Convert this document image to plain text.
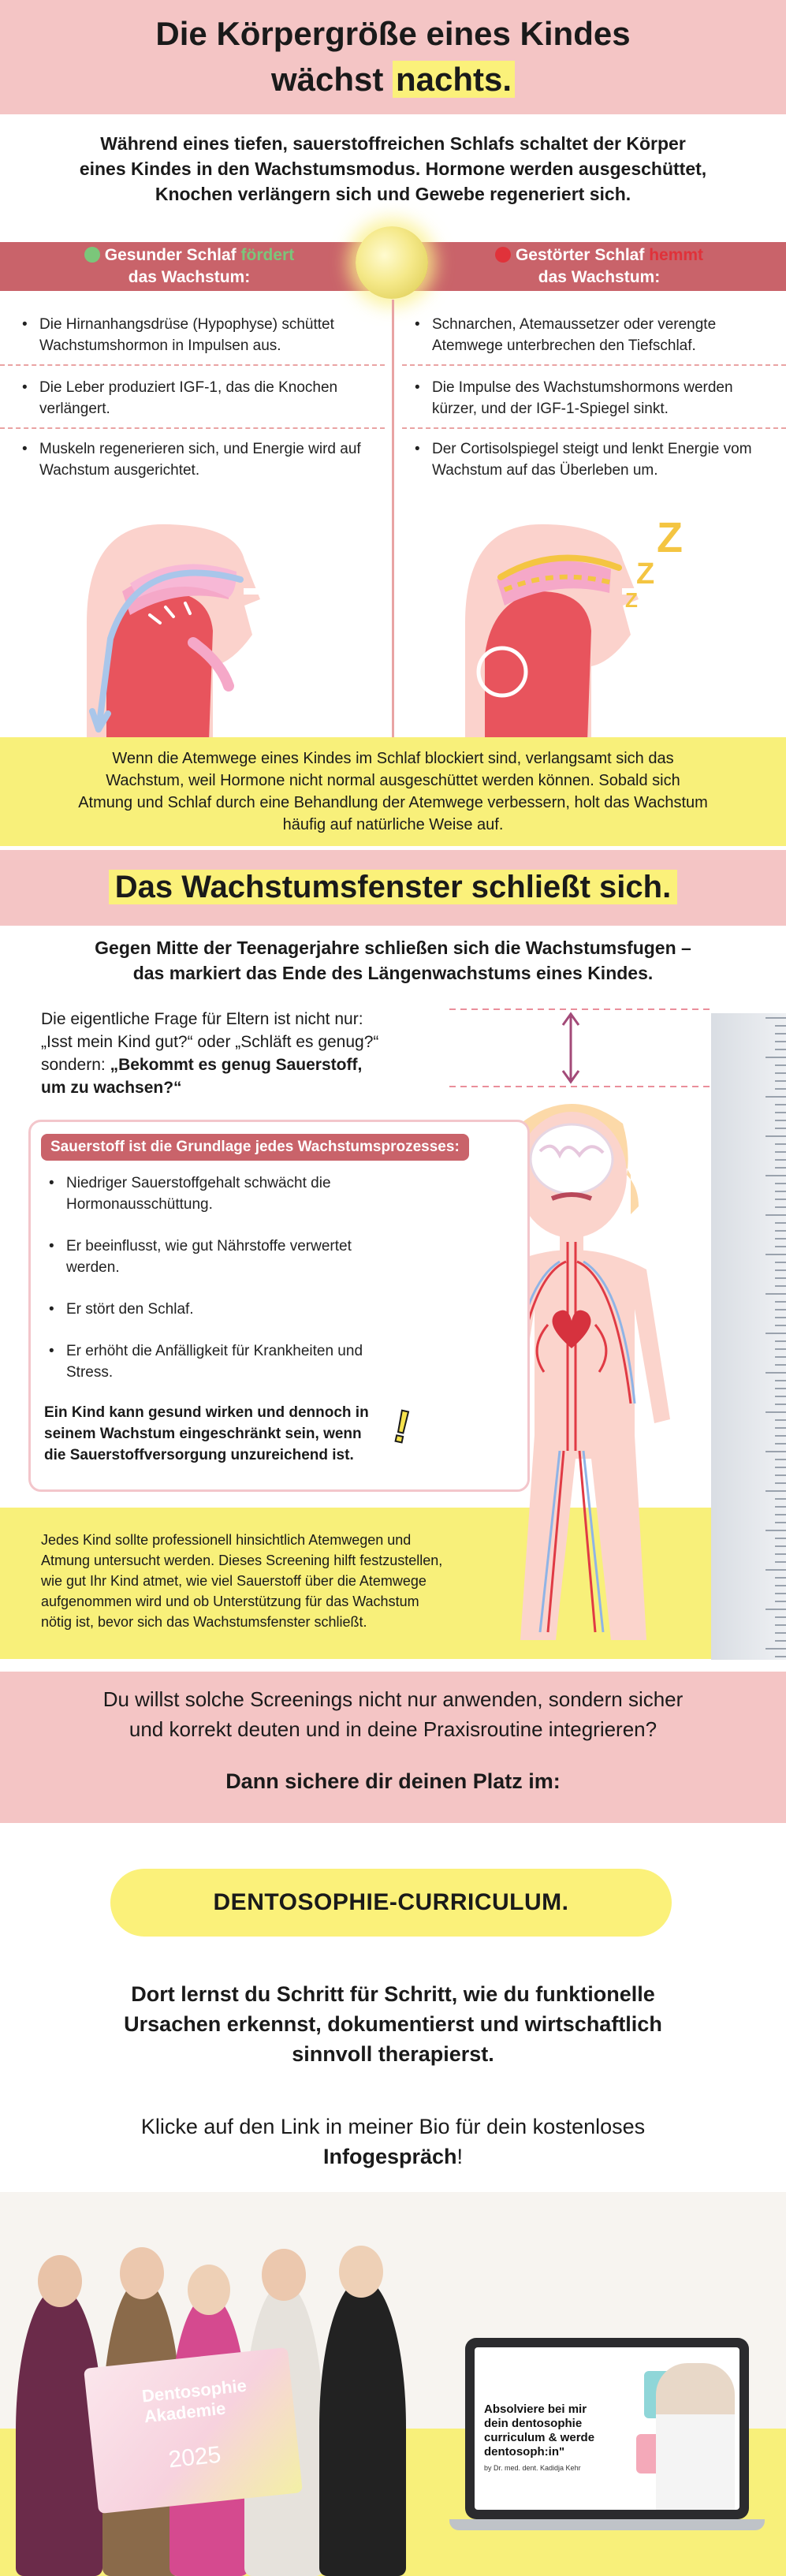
Die Körpergröße eines Kindes
wächst nachts.
Während eines tiefen, sauerstoffreichen Schlafs schaltet der Körper
eines Kindes in den Wachstumsmodus. Hormone werden ausgeschüttet,
Knochen verlängern sich und Gewebe regeneriert sich.
Gesunder Schlaf fördert
das Wachstum:
Gestörter Schlaf hemmt
das Wachstum:
• Die Hirnanhangsdrüse (Hypophyse) schüttet Wachstumshormon in Impulsen aus.
• Die Leber produziert IGF-1, das die Knochen verlängert.
• Muskeln regenerieren sich, und Energie wird auf Wachstum ausgerichtet.
• Schnarchen, Atemaussetzer oder verengte Atemwege unterbrechen den Tiefschlaf.
• Die Impulse des Wachstumshormons werden kürzer, und der IGF-1-Spiegel sinkt.
• Der Cortisolspiegel steigt und lenkt Energie vom Wachstum auf das Überleben um.
Z
Z
Z
Wenn die Atemwege eines Kindes im Schlaf blockiert sind, verlangsamt sich das
Wachstum, weil Hormone nicht normal ausgeschüttet werden können. Sobald sich
Atmung und Schlaf durch eine Behandlung der Atemwege verbessern, holt das Wachstum
häufig auf natürliche Weise auf.
Das Wachstumsfenster schließt sich.
Gegen Mitte der Teenagerjahre schließen sich die Wachstumsfugen –
das markiert das Ende des Längenwachstums eines Kindes.
Die eigentliche Frage für Eltern ist nicht nur:
„Isst mein Kind gut?“ oder „Schläft es genug?“
sondern: „Bekommt es genug Sauerstoff,
um zu wachsen?“
Sauerstoff ist die Grundlage jedes Wachstumsprozesses:
• Niedriger Sauerstoffgehalt schwächt die Hormonausschüttung.
• Er beeinflusst, wie gut Nährstoffe verwertet werden.
• Er stört den Schlaf.
• Er erhöht die Anfälligkeit für Krankheiten und Stress.
Ein Kind kann gesund wirken und dennoch in
seinem Wachstum eingeschränkt sein, wenn
die Sauerstoffversorgung unzureichend ist.
!
Jedes Kind sollte professionell hinsichtlich Atemwegen und
Atmung untersucht werden. Dieses Screening hilft festzustellen,
wie gut Ihr Kind atmet, wie viel Sauerstoff über die Atemwege
aufgenommen wird und ob Unterstützung für das Wachstum
nötig ist, bevor sich das Wachstumsfenster schließt.
Du willst solche Screenings nicht nur anwenden, sondern sicher
und korrekt deuten und in deine Praxisroutine integrieren?
Dann sichere dir deinen Platz im:
DENTOSOPHIE-CURRICULUM.
Dort lernst du Schritt für Schritt, wie du funktionelle
Ursachen erkennst, dokumentierst und wirtschaftlich
sinnvoll therapierst.
Klicke auf den Link in meiner Bio für dein kostenloses
Infogespräch!
Dentosophie
Akademie
2025
Absolviere bei mir
dein dentosophie
curriculum & werde
dentosoph:in"
by Dr. med. dent. Kadidja Kehr
